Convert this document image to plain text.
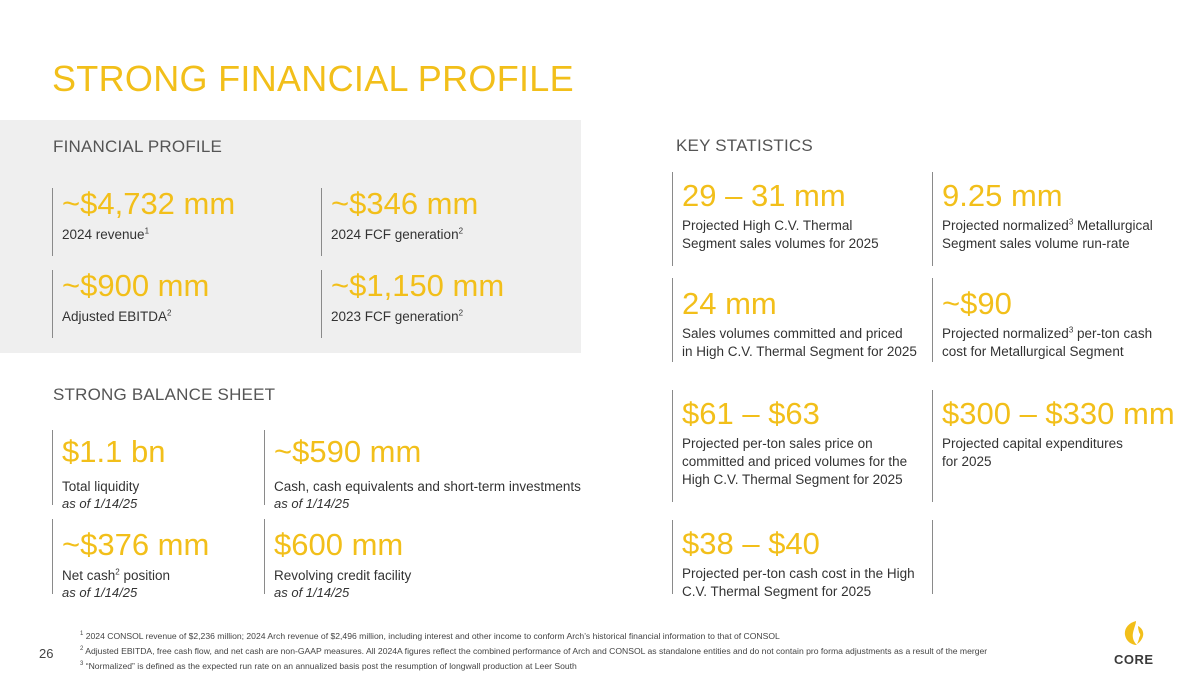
STRONG FINANCIAL PROFILE
FINANCIAL PROFILE
~$4,732 mm
2024 revenue$^1$
~$346 mm
2024 FCF generation$^2$
~$900 mm
Adjusted EBITDA$^2$
~$1,150 mm
2023 FCF generation$^2$
STRONG BALANCE SHEET
$1.1 bn
Total liquidity
as of 1/14/25
~$590 mm
Cash, cash equivalents and short-term investments
as of 1/14/25
~$376 mm
Net cash$^2$ position
as of 1/14/25
$600 mm
Revolving credit facility
as of 1/14/25
KEY STATISTICS
29 – 31 mm
Projected High C.V. Thermal
Segment sales volumes for 2025
9.25 mm
Projected normalized$^3$ Metallurgical
Segment sales volume run-rate
24 mm
Sales volumes committed and priced
in High C.V. Thermal Segment for 2025
~$90
Projected normalized$^3$ per-ton cash
cost for Metallurgical Segment
$61 – $63
Projected per-ton sales price on
committed and priced volumes for the
High C.V. Thermal Segment for 2025
$300 – $330 mm
Projected capital expenditures
for 2025
$38 – $40
Projected per-ton cash cost in the High
C.V. Thermal Segment for 2025
$^1$ 2024 CONSOL revenue of $2,236 million; 2024 Arch revenue of $2,496 million, including interest and other income to conform Arch’s historical financial information to that of CONSOL
$^2$ Adjusted EBITDA, free cash flow, and net cash are non-GAAP measures. All 2024A figures reflect the combined performance of Arch and CONSOL as standalone entities and do not contain pro forma adjustments as a result of the merger
$^3$ “Normalized” is defined as the expected run rate on an annualized basis post the resumption of longwall production at Leer South
26	CORE
